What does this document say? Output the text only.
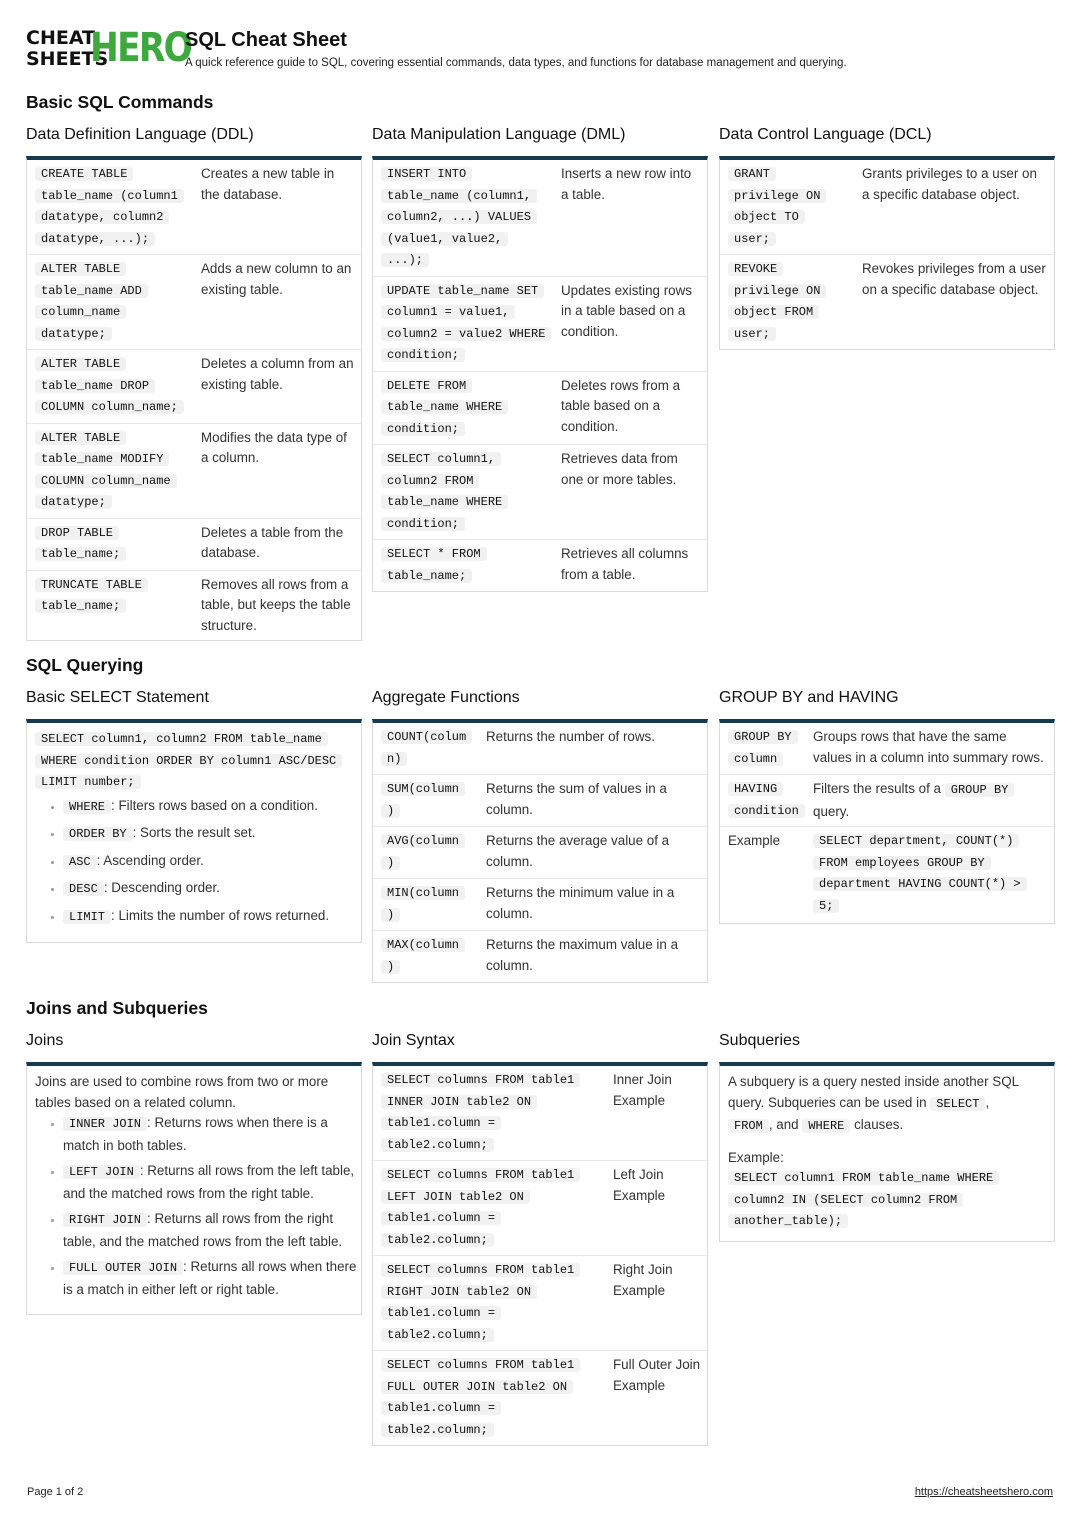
CHEAT
SHEETS
HERO
SQL Cheat Sheet
A quick reference guide to SQL, covering essential commands, data types, and functions for database management and querying.
Basic SQL Commands
Data Definition Language (DDL)
CREATE TABLE
table_name (column1
datatype, column2
datatype, ...);
Creates a new table in the database.
ALTER TABLE
table_name ADD
column_name
datatype;
Adds a new column to an existing table.
ALTER TABLE
table_name DROP
COLUMN column_name;
Deletes a column from an existing table.
ALTER TABLE
table_name MODIFY
COLUMN column_name
datatype;
Modifies the data type of a column.
DROP TABLE
table_name;
Deletes a table from the database.
TRUNCATE TABLE
table_name;
Removes all rows from a table, but keeps the table structure.
Data Manipulation Language (DML)
INSERT INTO
table_name (column1,
column2, ...) VALUES
(value1, value2,
...);
Inserts a new row into a table.
UPDATE table_name SET
column1 = value1,
column2 = value2 WHERE
condition;
Updates existing rows in a table based on a condition.
DELETE FROM
table_name WHERE
condition;
Deletes rows from a table based on a condition.
SELECT column1,
column2 FROM
table_name WHERE
condition;
Retrieves data from one or more tables.
SELECT * FROM
table_name;
Retrieves all columns from a table.
Data Control Language (DCL)
GRANT
privilege ON
object TO
user;
Grants privileges to a user on a specific database object.
REVOKE
privilege ON
object FROM
user;
Revokes privileges from a user on a specific database object.
SQL Querying
Basic SELECT Statement
SELECT column1, column2 FROM table_name
WHERE condition ORDER BY column1 ASC/DESC
LIMIT number;
• WHERE : Filters rows based on a condition.
• ORDER BY : Sorts the result set.
• ASC : Ascending order.
• DESC : Descending order.
• LIMIT : Limits the number of rows returned.
Aggregate Functions
COUNT(colum
n)
Returns the number of rows.
SUM(column
)
Returns the sum of values in a column.
AVG(column
)
Returns the average value of a column.
MIN(column
)
Returns the minimum value in a column.
MAX(column
)
Returns the maximum value in a column.
GROUP BY and HAVING
GROUP BY
column
Groups rows that have the same values in a column into summary rows.
HAVING
condition
Filters the results of a GROUP BY
query.
Example	SELECT department, COUNT(*)
FROM employees GROUP BY
department HAVING COUNT(*) >
5;
Joins and Subqueries
Joins
Joins are used to combine rows from two or more tables based on a related column.
• INNER JOIN : Returns rows when there is a match in both tables.
• LEFT JOIN : Returns all rows from the left table, and the matched rows from the right table.
• RIGHT JOIN : Returns all rows from the right table, and the matched rows from the left table.
• FULL OUTER JOIN : Returns all rows when there is a match in either left or right table.
Join Syntax
SELECT columns FROM table1
INNER JOIN table2 ON
table1.column =
table2.column;
Inner Join Example
SELECT columns FROM table1
LEFT JOIN table2 ON
table1.column =
table2.column;
Left Join Example
SELECT columns FROM table1
RIGHT JOIN table2 ON
table1.column =
table2.column;
Right Join Example
SELECT columns FROM table1
FULL OUTER JOIN table2 ON
table1.column =
table2.column;
Full Outer Join Example
Subqueries
A subquery is a query nested inside another SQL query. Subqueries can be used in SELECT ,
FROM , and WHERE clauses.
Example:
SELECT column1 FROM table_name WHERE
column2 IN (SELECT column2 FROM
another_table);
Page 1 of 2	https://cheatsheetshero.com
